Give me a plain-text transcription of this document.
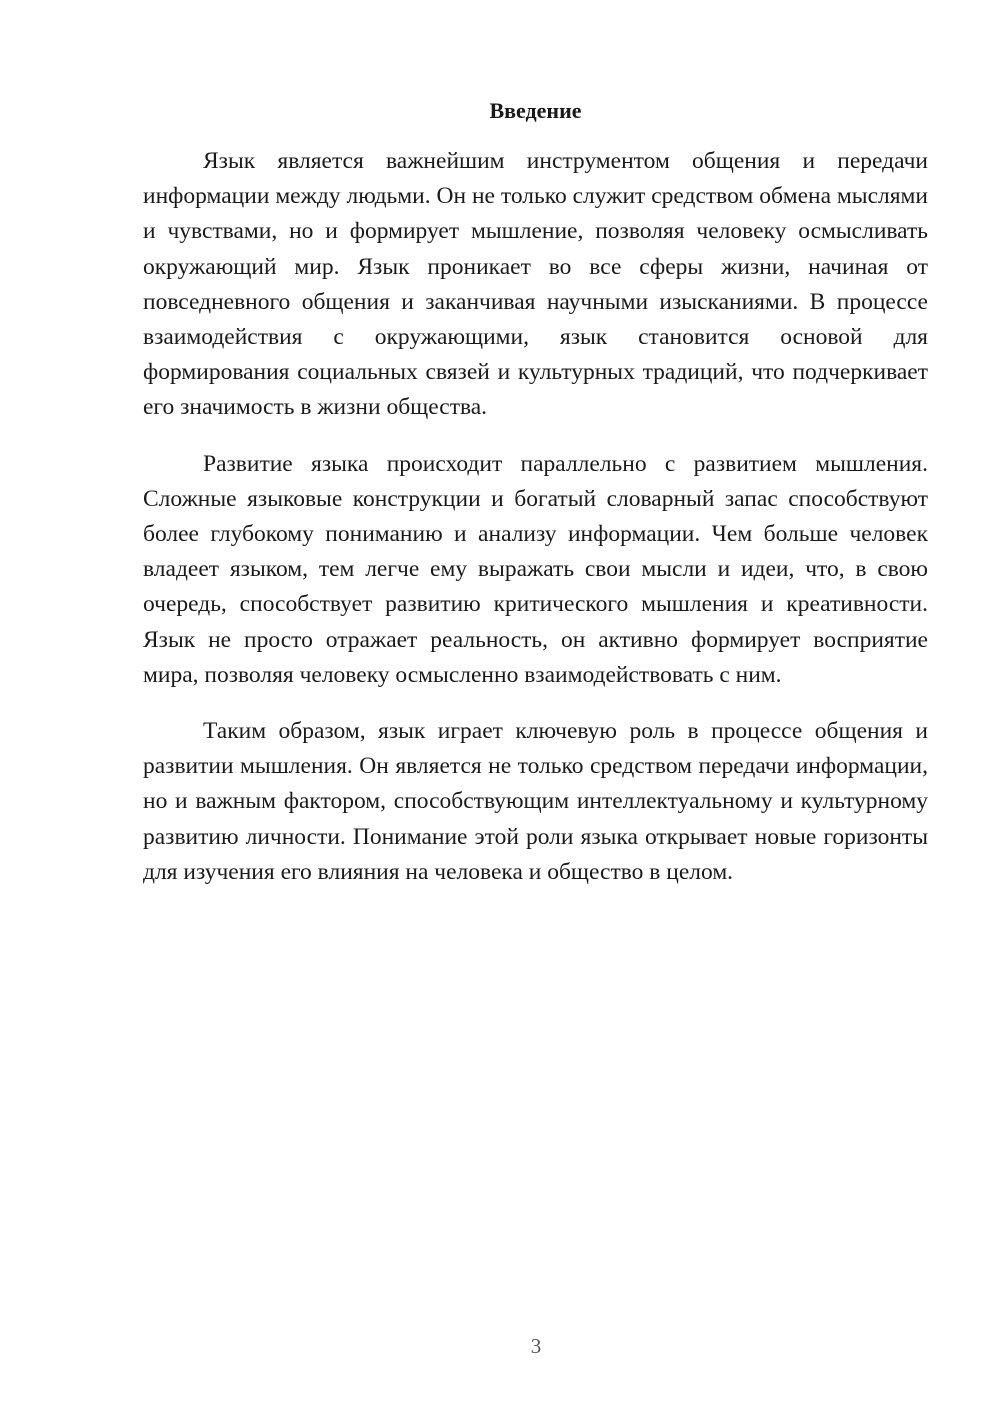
Введение

Язык является важнейшим инструментом общения и передачи информации между людьми. Он не только служит средством обмена мыслями и чувствами, но и формирует мышление, позволяя человеку осмысливать окружающий мир. Язык проникает во все сферы жизни, начиная от повседневного общения и заканчивая научными изысканиями. В процессе взаимодействия с окружающими, язык становится основой для формирования социальных связей и культурных традиций, что подчеркивает его значимость в жизни общества.

Развитие языка происходит параллельно с развитием мышления. Сложные языковые конструкции и богатый словарный запас способствуют более глубокому пониманию и анализу информации. Чем больше человек владеет языком, тем легче ему выражать свои мысли и идеи, что, в свою очередь, способствует развитию критического мышления и креативности. Язык не просто отражает реальность, он активно формирует восприятие мира, позволяя человеку осмысленно взаимодействовать с ним.

Таким образом, язык играет ключевую роль в процессе общения и развитии мышления. Он является не только средством передачи информации, но и важным фактором, способствующим интеллектуальному и культурному развитию личности. Понимание этой роли языка открывает новые горизонты для изучения его влияния на человека и общество в целом.

3
